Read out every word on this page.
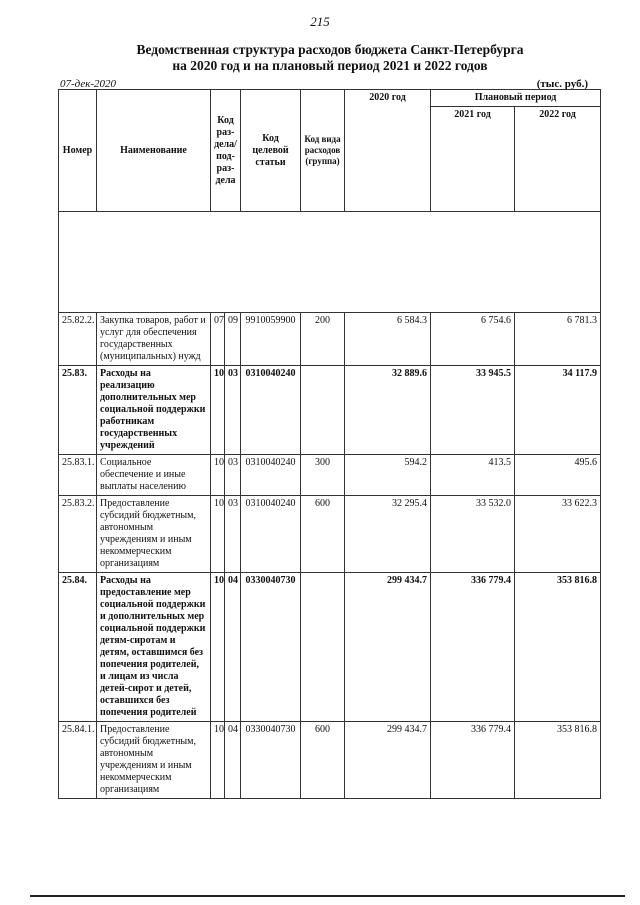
215
Ведомственная структура расходов бюджета Санкт-Петербурга
на 2020 год и на плановый период 2021 и 2022 годов
07-дек-2020	(тыс. руб.)
Номер	Наименование	Код раз- дела/ под- раз- дела		Код целевой статьи	Код вида расходов (группа)	2020 год	Плановый период	
							2021 год	2022 год

25.82.2.	Закупка товаров, работ и услуг для обеспечения государственных (муниципальных) нужд	07	09	9910059900	200	6 584.3	6 754.6	6 781.3
25.83.	Расходы на реализацию дополнительных мер социальной поддержки работникам государственных учреждений	10	03	0310040240		32 889.6	33 945.5	34 117.9
25.83.1.	Социальное обеспечение и иные выплаты населению	10	03	0310040240	300	594.2	413.5	495.6
25.83.2.	Предоставление субсидий бюджетным, автономным учреждениям и иным некоммерческим организациям	10	03	0310040240	600	32 295.4	33 532.0	33 622.3
25.84.	Расходы на предоставление мер социальной поддержки и дополнительных мер социальной поддержки детям-сиротам и детям, оставшимся без попечения родителей, и лицам из числа детей-сирот и детей, оставшихся без попечения родителей	10	04	0330040730		299 434.7	336 779.4	353 816.8
25.84.1.	Предоставление субсидий бюджетным, автономным учреждениям и иным некоммерческим организациям	10	04	0330040730	600	299 434.7	336 779.4	353 816.8
